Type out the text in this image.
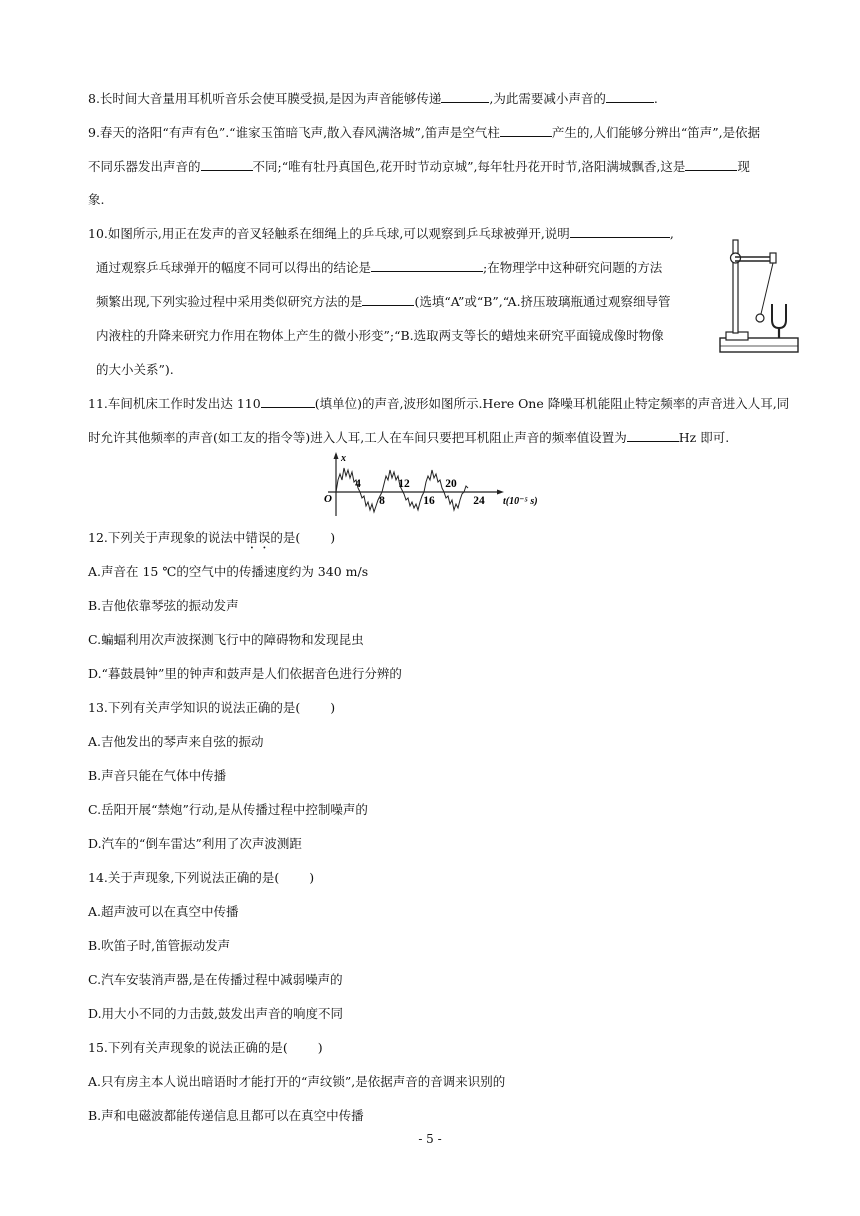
8.长时间大音量用耳机听音乐会使耳膜受损,是因为声音能够传递	,为此需要减小声音的	.
9.春天的洛阳“有声有色”.“谁家玉笛暗飞声,散入春风满洛城”,笛声是空气柱	产生的,人们能够分辨出“笛声”,是依据
不同乐器发出声音的	不同;“唯有牡丹真国色,花开时节动京城”,每年牡丹花开时节,洛阳满城飘香,这是	现
象.
10.如图所示,用正在发声的音叉轻触系在细绳上的乒乓球,可以观察到乒乓球被弹开,说明	,
通过观察乒乓球弹开的幅度不同可以得出的结论是	;在物理学中这种研究问题的方法
频繁出现,下列实验过程中采用类似研究方法的是	(选填“A”或“B”,“A.挤压玻璃瓶通过观察细导管
内液柱的升降来研究力作用在物体上产生的微小形变”;“B.选取两支等长的蜡烛来研究平面镜成像时物像
的大小关系”).
11.车间机床工作时发出达 110	(填单位)的声音,波形如图所示.Here One 降噪耳机能阻止特定频率的声音进入人耳,同
时允许其他频率的声音(如工友的指令等)进入人耳,工人在车间只要把耳机阻止声音的频率值设置为	Hz 即可.
x
O	t(10⁻⁵ s)
4
8
12
16
20
24
12.下列关于声现象的说法中错误的是( )
A.声音在 15 ℃的空气中的传播速度约为 340 m/s
B.吉他依靠琴弦的振动发声
C.蝙蝠利用次声波探测飞行中的障碍物和发现昆虫
D.“暮鼓晨钟”里的钟声和鼓声是人们依据音色进行分辨的
13.下列有关声学知识的说法正确的是( )
A.吉他发出的琴声来自弦的振动
B.声音只能在气体中传播
C.岳阳开展“禁炮”行动,是从传播过程中控制噪声的
D.汽车的“倒车雷达”利用了次声波测距
14.关于声现象,下列说法正确的是( )
A.超声波可以在真空中传播
B.吹笛子时,笛管振动发声
C.汽车安装消声器,是在传播过程中减弱噪声的
D.用大小不同的力击鼓,鼓发出声音的响度不同
15.下列有关声现象的说法正确的是( )
A.只有房主本人说出暗语时才能打开的“声纹锁”,是依据声音的音调来识别的
B.声和电磁波都能传递信息且都可以在真空中传播
- 5 -
